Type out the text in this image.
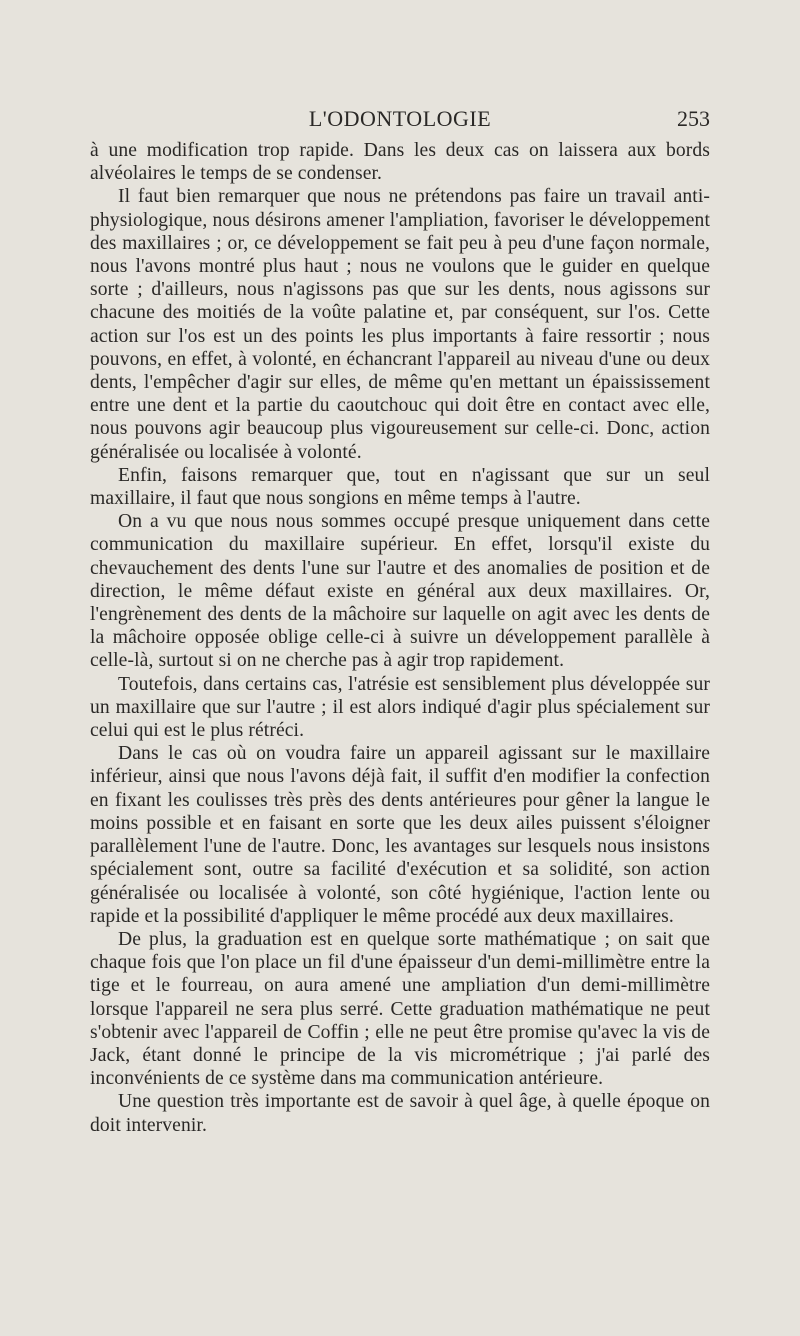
L'ODONTOLOGIE	253

à une modification trop rapide. Dans les deux cas on laissera aux bords alvéolaires le temps de se condenser.

Il faut bien remarquer que nous ne prétendons pas faire un travail anti-physiologique, nous désirons amener l'ampliation, favoriser le développement des maxillaires ; or, ce développement se fait peu à peu d'une façon normale, nous l'avons montré plus haut ; nous ne voulons que le guider en quelque sorte ; d'ailleurs, nous n'agissons pas que sur les dents, nous agissons sur chacune des moitiés de la voûte palatine et, par conséquent, sur l'os. Cette action sur l'os est un des points les plus importants à faire ressortir ; nous pouvons, en effet, à volonté, en échancrant l'appareil au niveau d'une ou deux dents, l'empêcher d'agir sur elles, de même qu'en mettant un épaississement entre une dent et la partie du caoutchouc qui doit être en contact avec elle, nous pouvons agir beaucoup plus vigoureusement sur celle-ci. Donc, action généralisée ou localisée à volonté.

Enfin, faisons remarquer que, tout en n'agissant que sur un seul maxillaire, il faut que nous songions en même temps à l'autre.

On a vu que nous nous sommes occupé presque uniquement dans cette communication du maxillaire supérieur. En effet, lorsqu'il existe du chevauchement des dents l'une sur l'autre et des anomalies de position et de direction, le même défaut existe en général aux deux maxillaires. Or, l'engrènement des dents de la mâchoire sur laquelle on agit avec les dents de la mâchoire opposée oblige celle-ci à suivre un développement parallèle à celle-là, surtout si on ne cherche pas à agir trop rapidement.

Toutefois, dans certains cas, l'atrésie est sensiblement plus développée sur un maxillaire que sur l'autre ; il est alors indiqué d'agir plus spécialement sur celui qui est le plus rétréci.

Dans le cas où on voudra faire un appareil agissant sur le maxillaire inférieur, ainsi que nous l'avons déjà fait, il suffit d'en modifier la confection en fixant les coulisses très près des dents antérieures pour gêner la langue le moins possible et en faisant en sorte que les deux ailes puissent s'éloigner parallèlement l'une de l'autre. Donc, les avantages sur lesquels nous insistons spécialement sont, outre sa facilité d'exécution et sa solidité, son action généralisée ou localisée à volonté, son côté hygiénique, l'action lente ou rapide et la possibilité d'appliquer le même procédé aux deux maxillaires.

De plus, la graduation est en quelque sorte mathématique ; on sait que chaque fois que l'on place un fil d'une épaisseur d'un demi-millimètre entre la tige et le fourreau, on aura amené une ampliation d'un demi-millimètre lorsque l'appareil ne sera plus serré. Cette graduation mathématique ne peut s'obtenir avec l'appareil de Coffin ; elle ne peut être promise qu'avec la vis de Jack, étant donné le principe de la vis micrométrique ; j'ai parlé des inconvénients de ce système dans ma communication antérieure.

Une question très importante est de savoir à quel âge, à quelle époque on doit intervenir.
